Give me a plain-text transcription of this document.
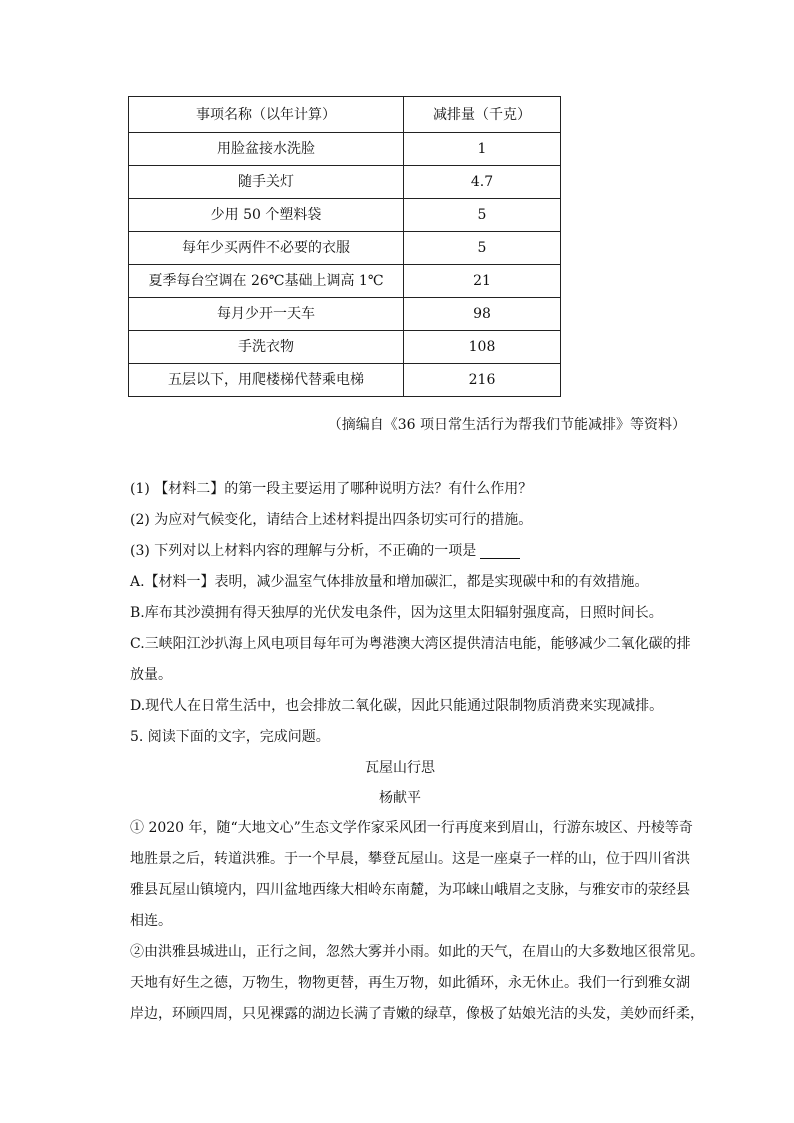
事项名称（以年计算）	减排量（千克）
用脸盆接水洗脸	1
随手关灯	4.7
少用 50 个塑料袋	5
每年少买两件不必要的衣服	5
夏季每台空调在 26℃基础上调高 1℃	21
每月少开一天车	98
手洗衣物	108
五层以下，用爬楼梯代替乘电梯	216
（摘编自《36 项日常生活行为帮我们节能减排》等资料）
(1) 【材料二】的第一段主要运用了哪种说明方法？有什么作用？
(2) 为应对气候变化，请结合上述材料提出四条切实可行的措施。
(3) 下列对以上材料内容的理解与分析，不正确的一项是
A.【材料一】表明，减少温室气体排放量和增加碳汇，都是实现碳中和的有效措施。
B.库布其沙漠拥有得天独厚的光伏发电条件，因为这里太阳辐射强度高，日照时间长。
C.三峡阳江沙扒海上风电项目每年可为粤港澳大湾区提供清洁电能，能够减少二氧化碳的排
放量。
D.现代人在日常生活中，也会排放二氧化碳，因此只能通过限制物质消费来实现减排。
5. 阅读下面的文字，完成问题。
瓦屋山行思
杨献平
① 2020 年，随“大地文心”生态文学作家采风团一行再度来到眉山，行游东坡区、丹棱等奇
地胜景之后，转道洪雅。于一个早晨，攀登瓦屋山。这是一座桌子一样的山，位于四川省洪
雅县瓦屋山镇境内，四川盆地西缘大相岭东南麓，为邛崃山峨眉之支脉，与雅安市的荥经县
相连。
②由洪雅县城进山，正行之间，忽然大雾并小雨。如此的天气，在眉山的大多数地区很常见。
天地有好生之德，万物生，物物更替，再生万物，如此循环，永无休止。我们一行到雅女湖
岸边，环顾四周，只见裸露的湖边长满了青嫩的绿草，像极了姑娘光洁的头发，美妙而纤柔，
